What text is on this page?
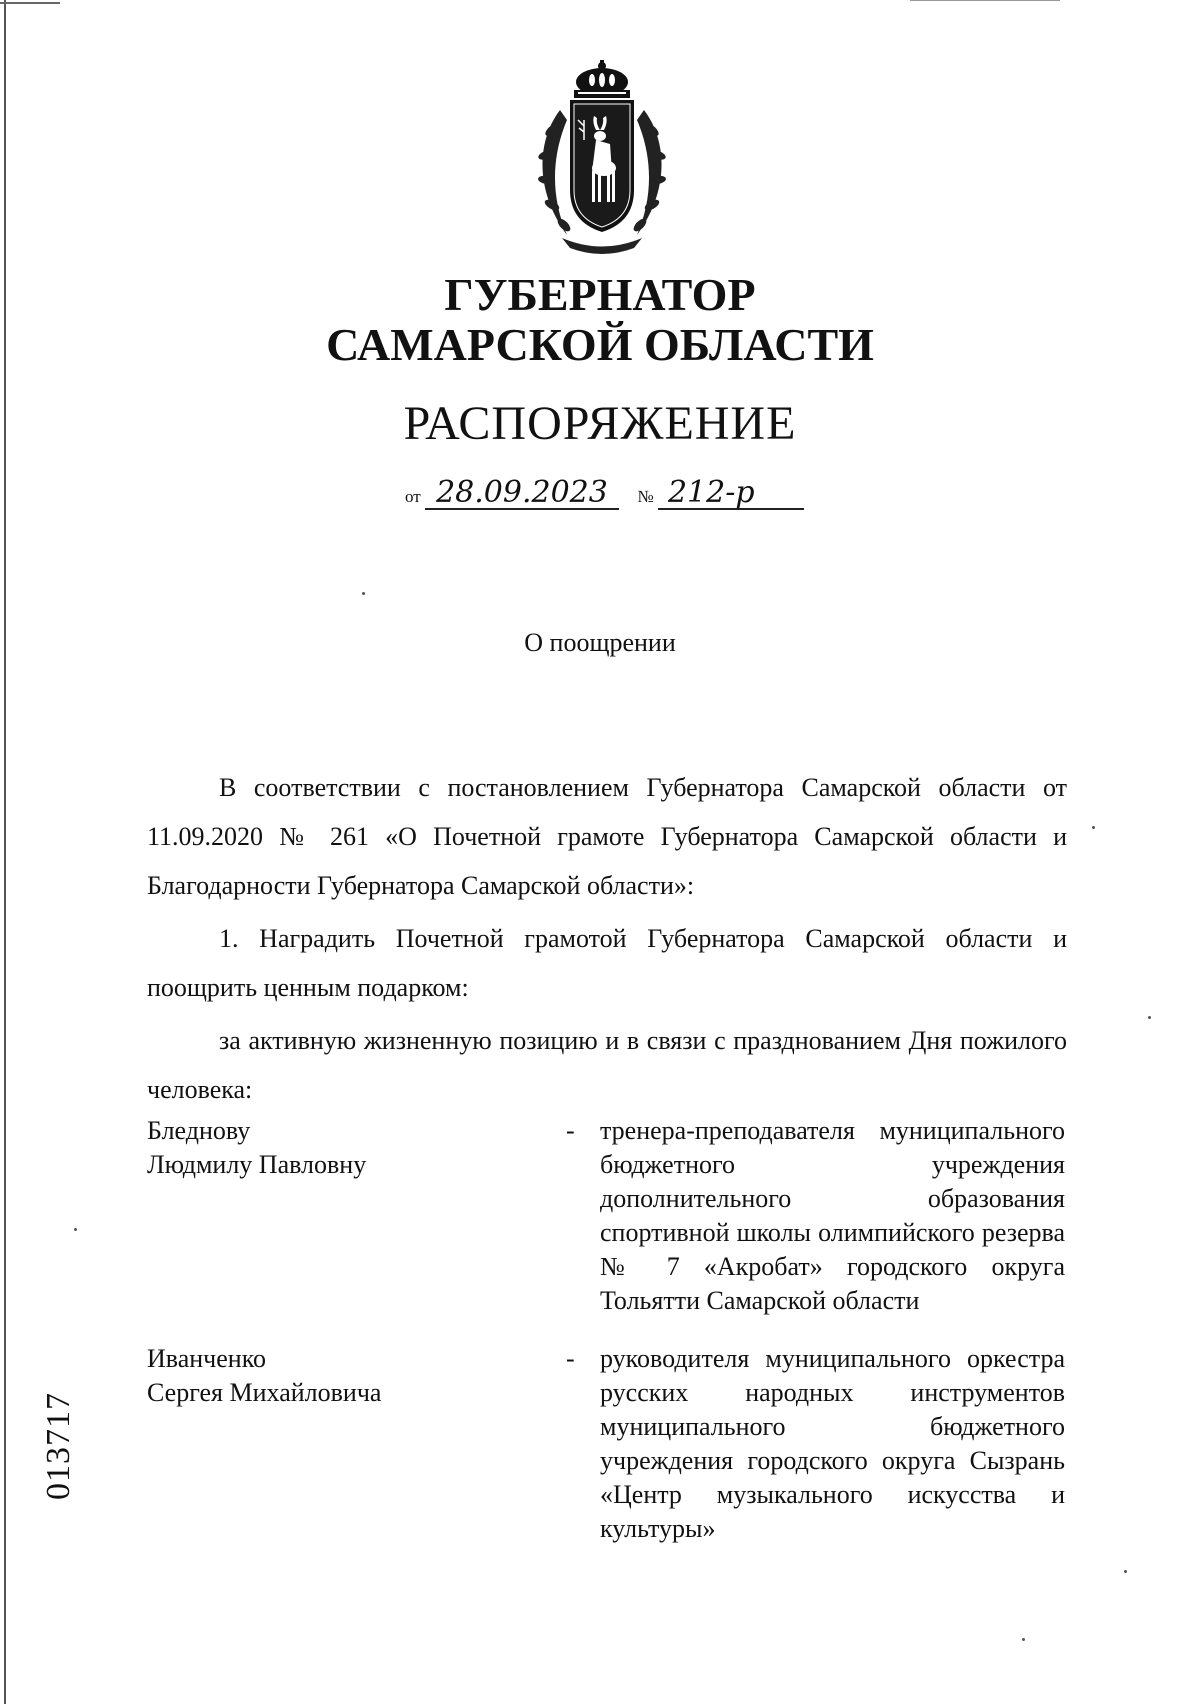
ГУБЕРНАТОР
САМАРСКОЙ ОБЛАСТИ
РАСПОРЯЖЕНИЕ
от 28.09.2023 № 212-р
О поощрении
В соответствии с постановлением Губернатора Самарской области от 11.09.2020 № 261 «О Почетной грамоте Губернатора Самарской области и Благодарности Губернатора Самарской области»:
1. Наградить Почетной грамотой Губернатора Самарской области и поощрить ценным подарком:
за активную жизненную позицию и в связи с празднованием Дня пожилого человека:
Бледнову
Людмилу Павловну
- тренера-преподавателя муниципального бюджетного учреждения дополнительного образования спортивной школы олимпийского резерва № 7 «Акробат» городского округа Тольятти Самарской области
Иванченко
Сергея Михайловича
- руководителя муниципального оркестра русских народных инструментов муниципального бюджетного учреждения городского округа Сызрань «Центр музыкального искусства и культуры»
013717
